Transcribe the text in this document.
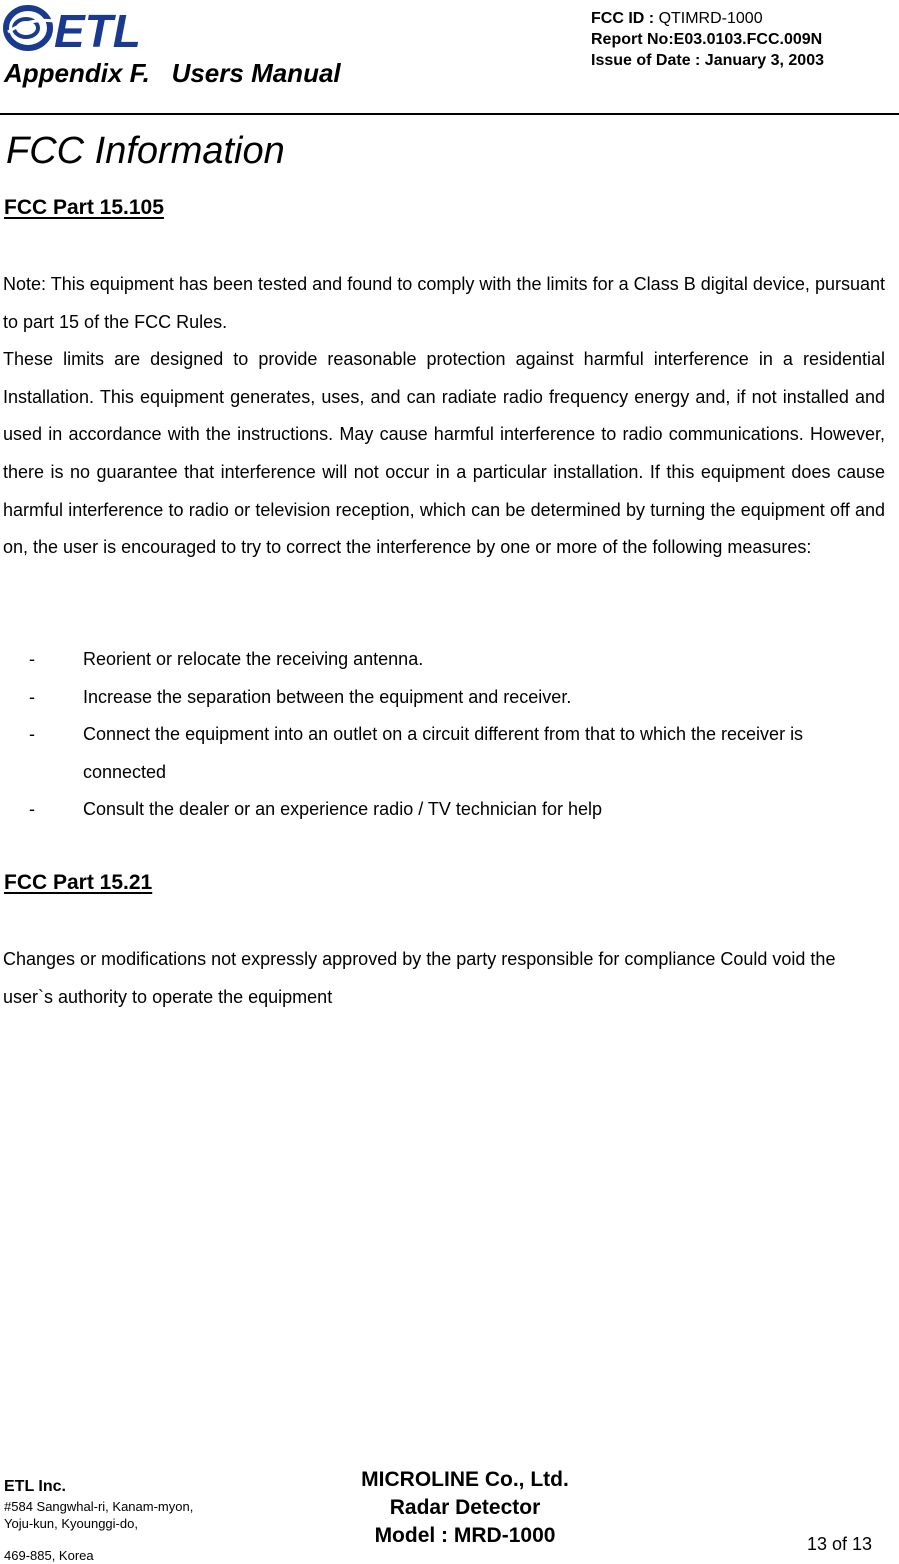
ETL
Appendix F.   Users Manual
FCC ID : QTIMRD-1000
Report No:E03.0103.FCC.009N
Issue of Date : January 3, 2003
FCC Information
FCC Part 15.105
Note: This equipment has been tested and found to comply with the limits for a Class B digital device, pursuant to part 15 of the FCC Rules.
These limits are designed to provide reasonable protection against harmful interference in a residential Installation. This equipment generates, uses, and can radiate radio frequency energy and, if not installed and used in accordance with the instructions. May cause harmful interference to radio communications. However, there is no guarantee that interference will not occur in a particular installation. If this equipment does cause harmful interference to radio or television reception, which can be determined by turning the equipment off and on, the user is encouraged to try to correct the interference by one or more of the following measures:
-	Reorient or relocate the receiving antenna.
-	Increase the separation between the equipment and receiver.
-	Connect the equipment into an outlet on a circuit different from that to which the receiver is connected
-	Consult the dealer or an experience radio / TV technician for help
FCC Part 15.21

Changes or modifications not expressly approved by the party responsible for compliance Could void the user`s authority to operate the equipment

ETL Inc.
#584 Sangwhal-ri, Kanam-myon,
Yoju-kun, Kyounggi-do,
469-885, Korea
MICROLINE Co., Ltd.
Radar Detector
Model : MRD-1000	13 of 13
